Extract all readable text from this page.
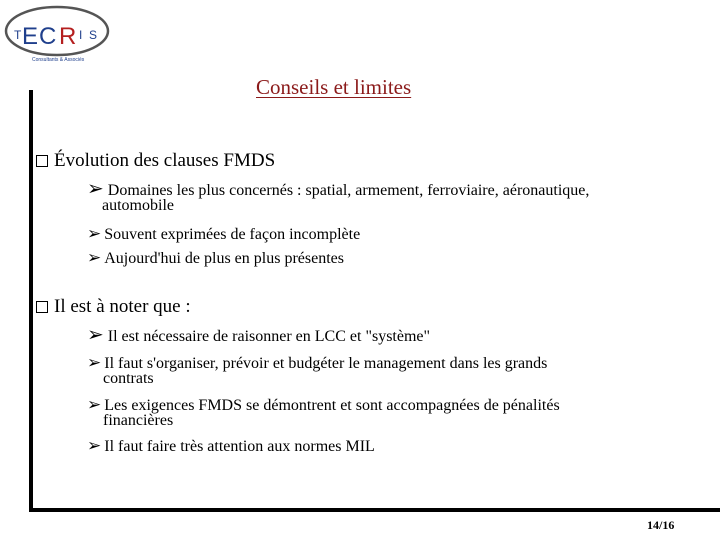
T E C R I S
Consultants & Associés
Conseils et limites
Évolution des clauses FMDS
➢ Domaines les plus concernés : spatial, armement, ferroviaire, aéronautique,
automobile
➢ Souvent exprimées de façon incomplète
➢ Aujourd'hui de plus en plus présentes
Il est à noter que :
➢ Il est nécessaire de raisonner en LCC et "système"
➢ Il faut s'organiser, prévoir et budgéter le management dans les grands
contrats
➢ Les exigences FMDS se démontrent et sont accompagnées de pénalités
financières
➢ Il faut faire très attention aux normes MIL
14/16
